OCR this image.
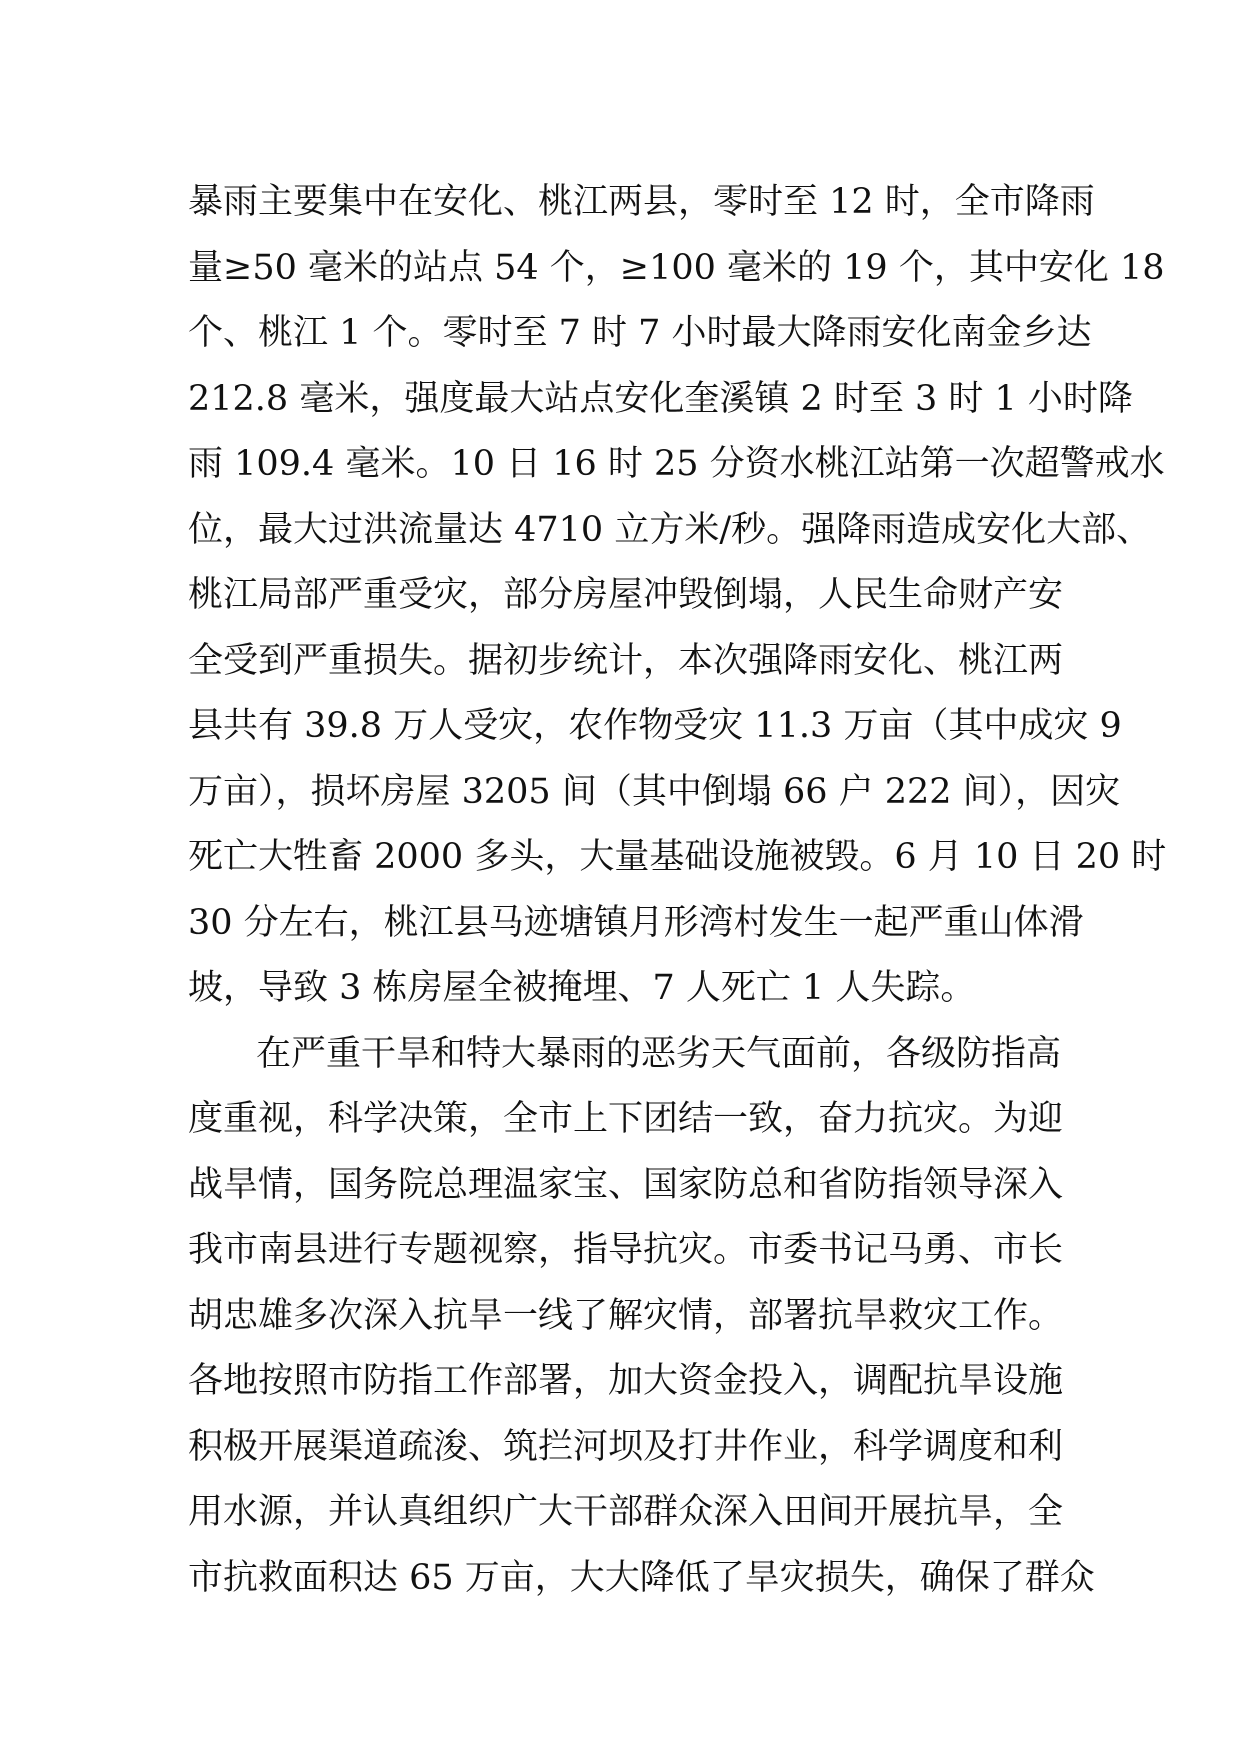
暴雨主要集中在安化、桃江两县，零时至 12 时，全市降雨
量≥50 毫米的站点 54 个，≥100 毫米的 19 个，其中安化 18
个、桃江 1 个。零时至 7 时 7 小时最大降雨安化南金乡达
212.8 毫米，强度最大站点安化奎溪镇 2 时至 3 时 1 小时降
雨 109.4 毫米。10 日 16 时 25 分资水桃江站第一次超警戒水
位，最大过洪流量达 4710 立方米/秒。强降雨造成安化大部、
桃江局部严重受灾，部分房屋冲毁倒塌，人民生命财产安
全受到严重损失。据初步统计，本次强降雨安化、桃江两
县共有 39.8 万人受灾，农作物受灾 11.3 万亩（其中成灾 9
万亩），损坏房屋 3205 间（其中倒塌 66 户 222 间），因灾
死亡大牲畜 2000 多头，大量基础设施被毁。6 月 10 日 20 时
30 分左右，桃江县马迹塘镇月形湾村发生一起严重山体滑
坡，导致 3 栋房屋全被掩埋、7 人死亡 1 人失踪。
在严重干旱和特大暴雨的恶劣天气面前，各级防指高
度重视，科学决策，全市上下团结一致，奋力抗灾。为迎
战旱情，国务院总理温家宝、国家防总和省防指领导深入
我市南县进行专题视察，指导抗灾。市委书记马勇、市长
胡忠雄多次深入抗旱一线了解灾情，部署抗旱救灾工作。
各地按照市防指工作部署，加大资金投入，调配抗旱设施
积极开展渠道疏浚、筑拦河坝及打井作业，科学调度和利
用水源，并认真组织广大干部群众深入田间开展抗旱，全
市抗救面积达 65 万亩，大大降低了旱灾损失，确保了群众
